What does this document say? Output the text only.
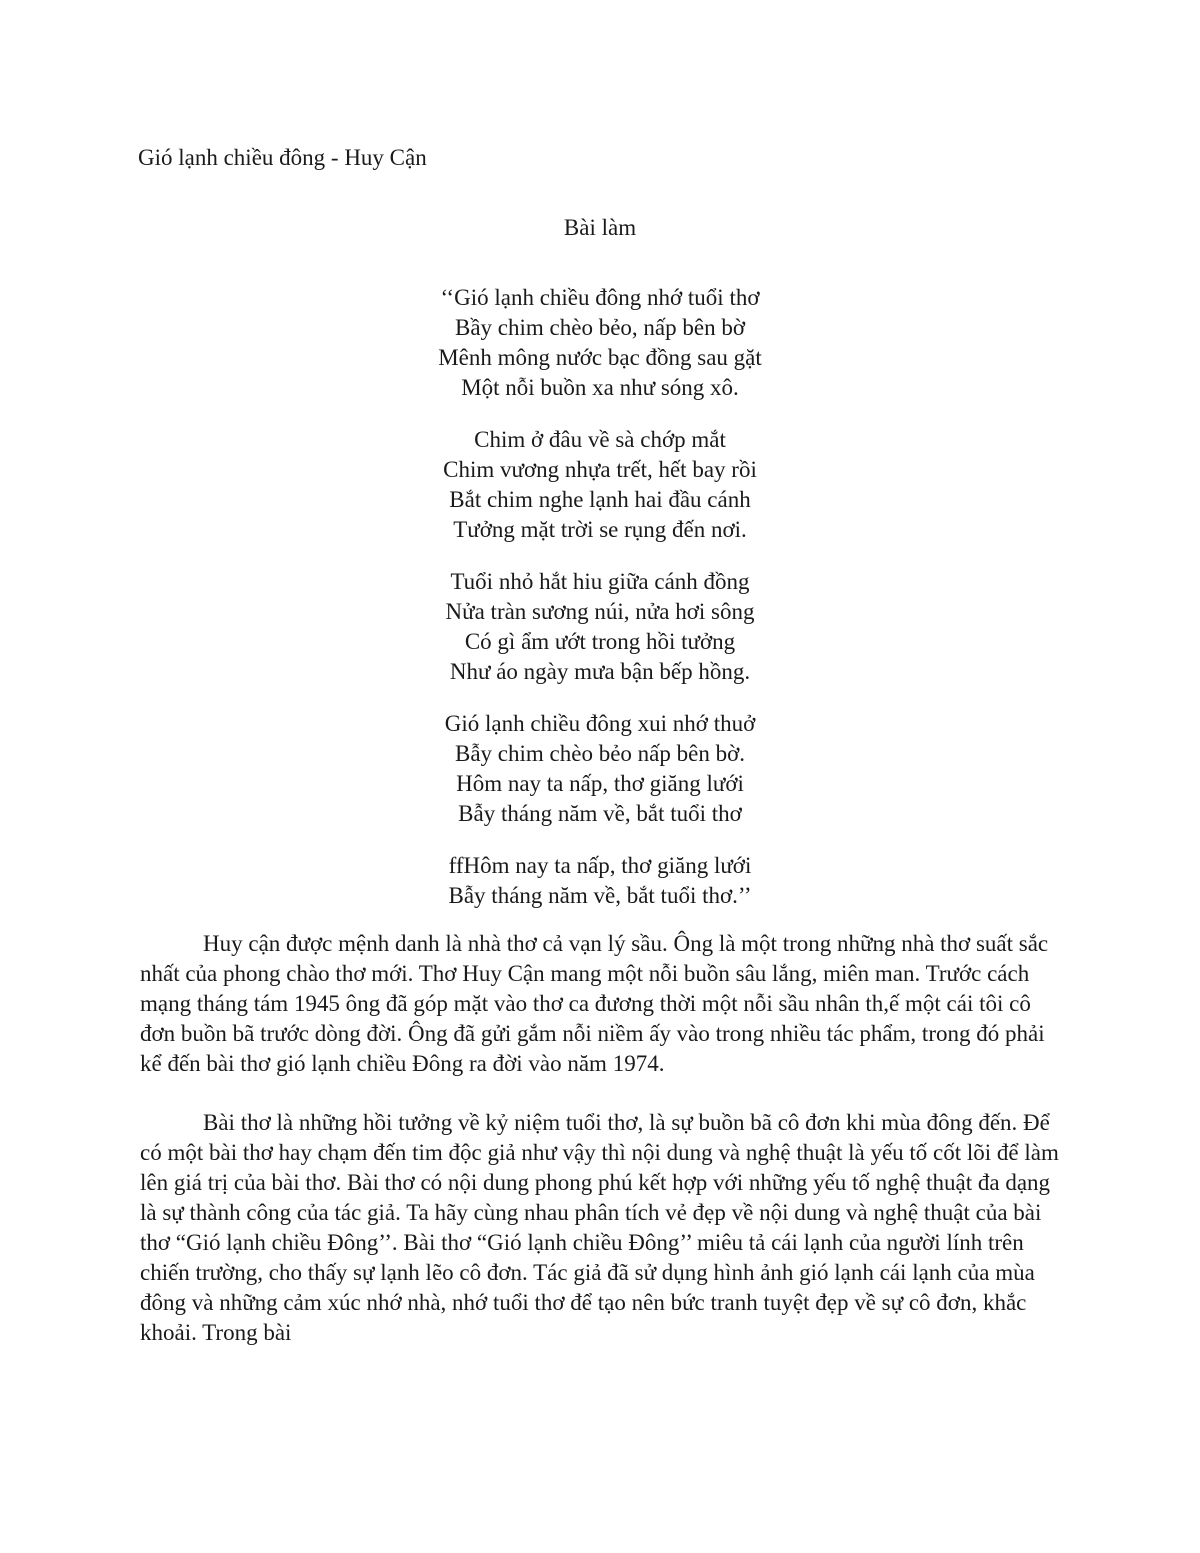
Gió lạnh chiều đông - Huy Cận
Bài làm
‘‘Gió lạnh chiều đông nhớ tuổi thơ
Bầy chim chèo bẻo, nấp bên bờ
Mênh mông nước bạc đồng sau gặt
Một nỗi buồn xa như sóng xô.
Chim ở đâu về sà chớp mắt
Chim vương nhựa trết, hết bay rồi
Bắt chim nghe lạnh hai đầu cánh
Tưởng mặt trời se rụng đến nơi.
Tuổi nhỏ hắt hiu giữa cánh đồng
Nửa tràn sương núi, nửa hơi sông
Có gì ẩm ướt trong hồi tưởng
Như áo ngày mưa bận bếp hồng.
Gió lạnh chiều đông xui nhớ thuở
Bẫy chim chèo bẻo nấp bên bờ.
Hôm nay ta nấp, thơ giăng lưới
Bẫy tháng năm về, bắt tuổi thơ
ffHôm nay ta nấp, thơ giăng lưới
Bẫy tháng năm về, bắt tuổi thơ.’’

Huy cận được mệnh danh là nhà thơ cả vạn lý sầu. Ông là một trong những nhà thơ suất sắc nhất của phong chào thơ mới. Thơ Huy Cận mang một nỗi buồn sâu lắng, miên man. Trước cách mạng tháng tám 1945 ông đã góp mặt vào thơ ca đương thời một nỗi sầu nhân th,ế một cái tôi cô đơn buồn bã trước dòng đời. Ông đã gửi gắm nỗi niềm ấy vào trong nhiều tác phẩm, trong đó phải kể đến bài thơ gió lạnh chiều Đông ra đời vào năm 1974.

Bài thơ là những hồi tưởng về kỷ niệm tuổi thơ, là sự buồn bã cô đơn khi mùa đông đến. Để có một bài thơ hay chạm đến tim độc giả như vậy thì nội dung và nghệ thuật là yếu tố cốt lõi để làm lên giá trị của bài thơ. Bài thơ có nội dung phong phú kết hợp với những yếu tố nghệ thuật đa dạng là sự thành công của tác giả. Ta hãy cùng nhau phân tích vẻ đẹp về nội dung và nghệ thuật của bài thơ “Gió lạnh chiều Đông’’. Bài thơ “Gió lạnh chiều Đông’’ miêu tả cái lạnh của người lính trên chiến trường, cho thấy sự lạnh lẽo cô đơn. Tác giả đã sử dụng hình ảnh gió lạnh cái lạnh của mùa đông và những cảm xúc nhớ nhà, nhớ tuổi thơ để tạo nên bức tranh tuyệt đẹp về sự cô đơn, khắc khoải. Trong bài
